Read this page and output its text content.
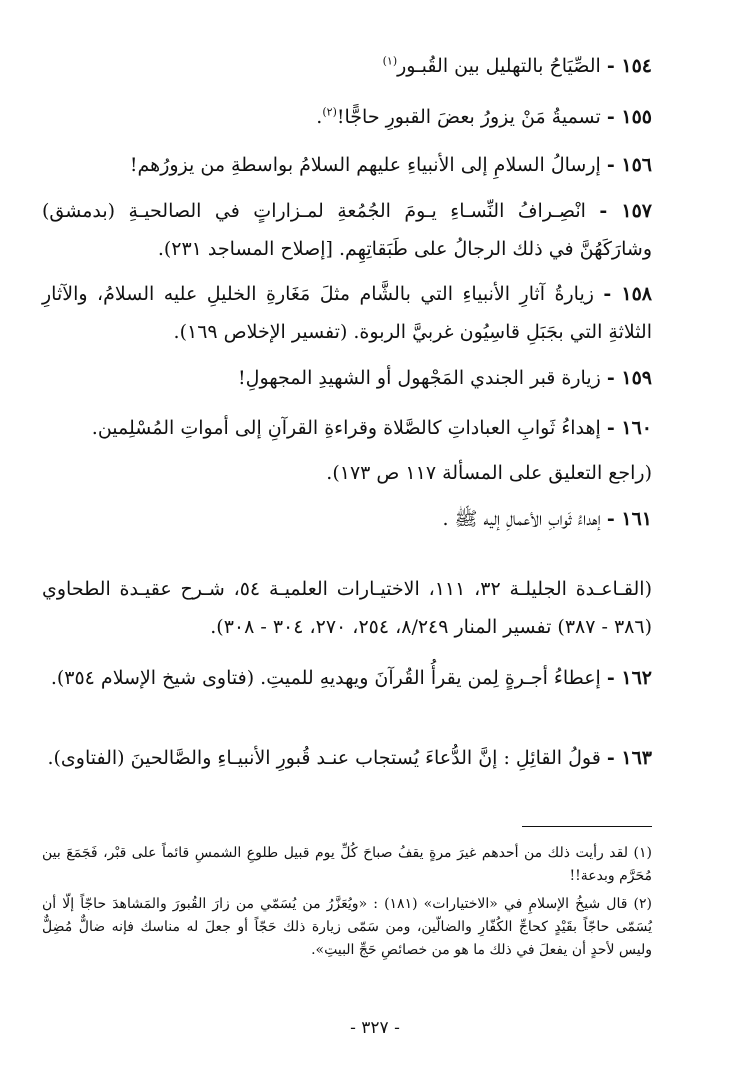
١٥٤ - الصِّيَاحُ بالتهليل بين القُبـور$^{(١)}$
١٥٥ - تسميةُ مَنْ يزورُ بعضَ القبورِ حاجًّا!$^{(٢)}$.
١٥٦ - إرسالُ السلامِ إلى الأنبياءِ عليهم السلامُ بواسطةِ من يزورُهم!
١٥٧ - انْصِـرافُ النِّسـاءِ يـومَ الجُمُعةِ لمـزاراتٍ في الصالحيـةِ (بدمشق) وشارَكَهُنَّ في ذلك الرجالُ على طَبَقاتِهِم. [إصلاح المساجد ٢٣١).
١٥٨ - زيارةُ آثارِ الأنبياءِ التي بالشَّام مثلَ مَغَارةِ الخليلِ عليه السلامُ، والآثارِ الثلاثةِ التي بجَبَلِ قاسِيُون غربيَّ الربوة. (تفسير الإخلاص ١٦٩).
١٥٩ - زيارة قبر الجندي المَجْهول أو الشهيدِ المجهولِ!
١٦٠ - إهداءُ ثَوابِ العباداتِ كالصَّلاة وقراءةِ القرآنِ إلى أمواتِ المُسْلِمين.
(راجع التعليق على المسألة ١١٧ ص ١٧٣).
١٦١ - إهداءُ ثَوابِ الأعمالِ إليه ﷺ .
(القـاعـدة الجليلـة ٣٢، ١١١، الاختيـارات العلميـة ٥٤، شـرح عقيـدة الطحاوي (٣٨٦ - ٣٨٧) تفسير المنار ٨/٢٤٩، ٢٥٤، ٢٧٠، ٣٠٤ - ٣٠٨).
١٦٢ - إعطاءُ أجـرةٍ لِمن يقرأُ القُرآنَ ويهديهِ للميتِ. (فتاوى شيخ الإسلام ٣٥٤).
١٦٣ - قولُ القائِلِ : إنَّ الدُّعاءَ يُستجاب عنـد قُبورِ الأنبيـاءِ والصَّالحينَ (الفتاوى).
(١) لقد رأيت ذلك من أحدهم غيرَ مرةٍ يقفُ صباحَ كُلِّ يوم قبيل طلوعِ الشمسِ قائماً على قبْر، فَجَمَعَ بين مُحَرَّم وبدعة!!
(٢) قال شيخُ الإسلامِ في «الاختيارات» (١٨١) : «ويُعَزَّرُ من يُسَمّي من زارَ القُبورَ والمَشاهدَ حاجّاً إلّا أن يُسَمّى حاجّاً بقَيْدٍ كحاجِّ الكُفّارِ والضالّين، ومن سَمّى زيارة ذلك حَجّاً أو جعلَ له مناسك فإنه ضالٌّ مُضِلٌّ وليس لأحدٍ أن يفعلَ في ذلك ما هو من خصائصِ حَجِّ البيتِ».
- ٣٢٧ -
